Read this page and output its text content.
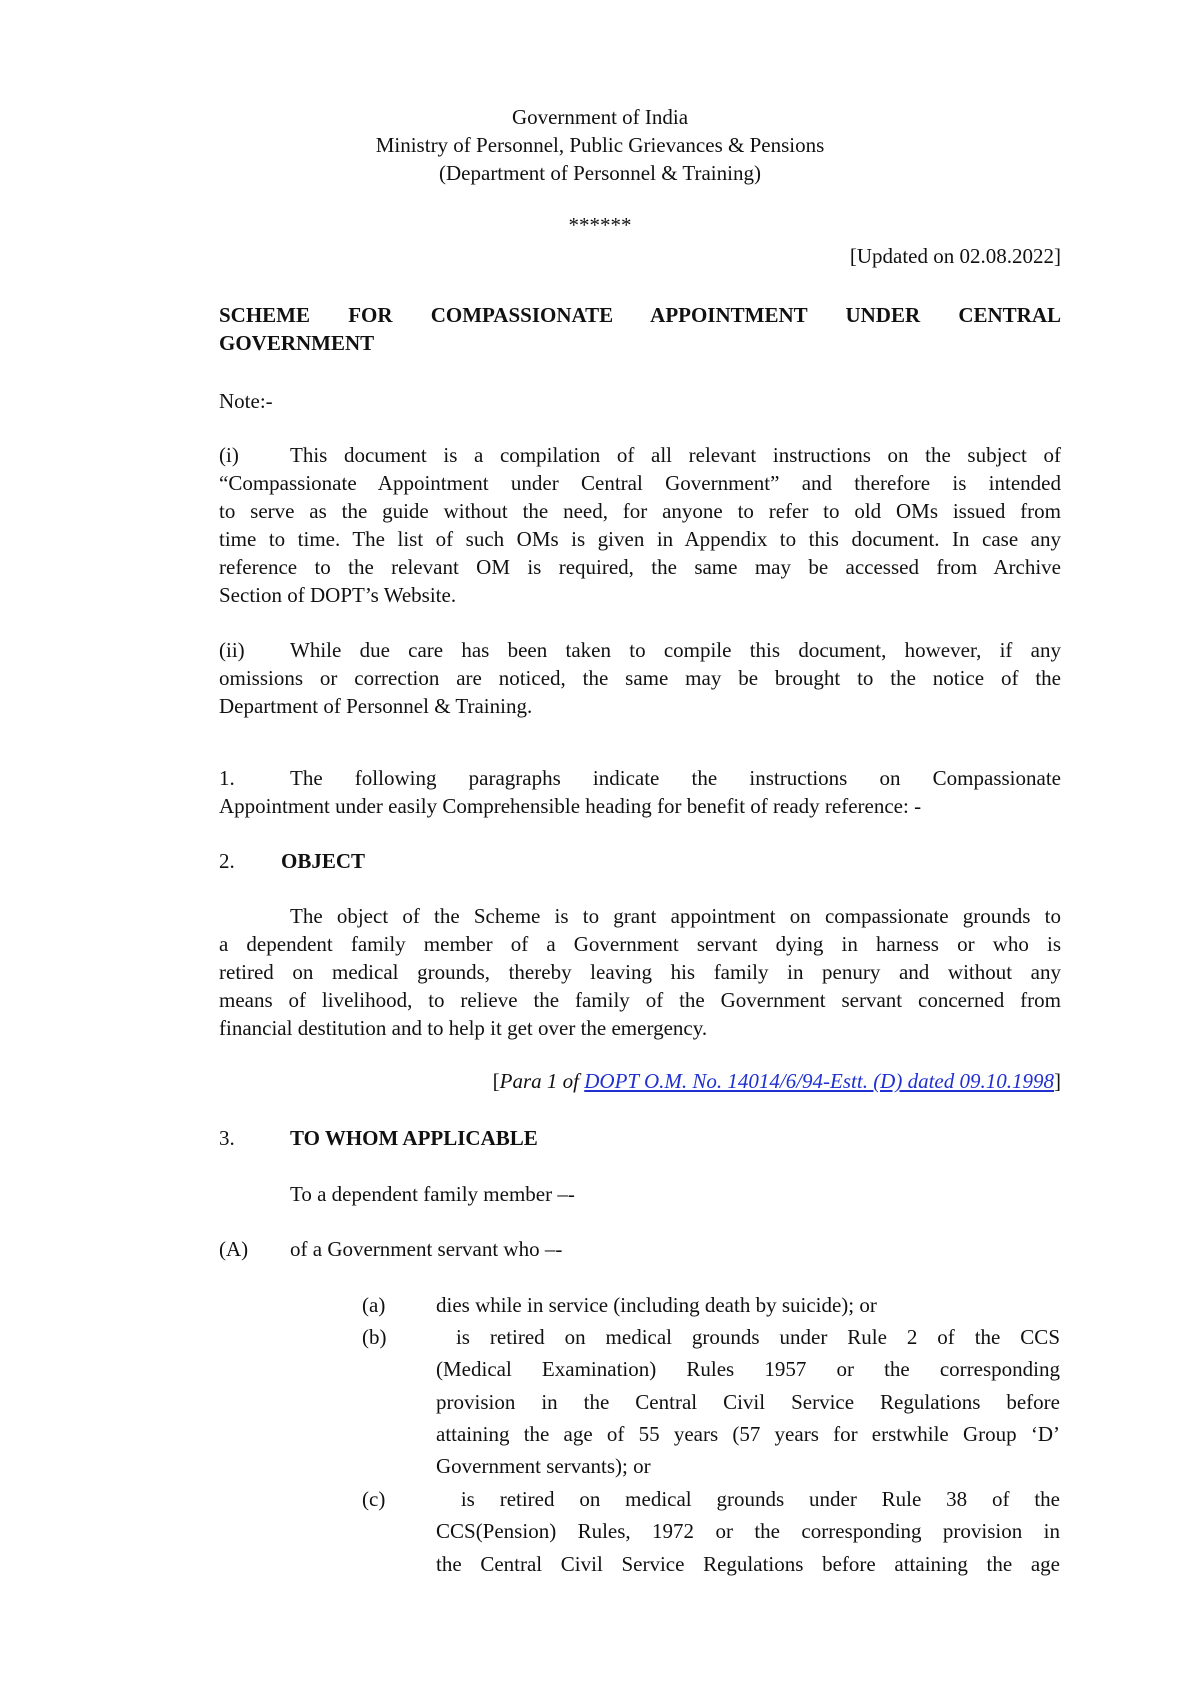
Government of India
Ministry of Personnel, Public Grievances & Pensions
(Department of Personnel & Training)
******
[Updated on 02.08.2022]
SCHEME FOR COMPASSIONATE APPOINTMENT UNDER CENTRAL
GOVERNMENT
Note:-
(i) This document is a compilation of all relevant instructions on the subject of
“Compassionate Appointment under Central Government” and therefore is intended
to serve as the guide without the need, for anyone to refer to old OMs issued from
time to time. The list of such OMs is given in Appendix to this document. In case any
reference to the relevant OM is required, the same may be accessed from Archive
Section of DOPT’s Website.
(ii) While due care has been taken to compile this document, however, if any
omissions or correction are noticed, the same may be brought to the notice of the
Department of Personnel & Training.
1.	The following paragraphs indicate the instructions on Compassionate
Appointment under easily Comprehensible heading for benefit of ready reference: -
2. OBJECT
The object of the Scheme is to grant appointment on compassionate grounds to
a dependent family member of a Government servant dying in harness or who is
retired on medical grounds, thereby leaving his family in penury and without any
means of livelihood, to relieve the family of the Government servant concerned from
financial destitution and to help it get over the emergency.
[Para 1 of DOPT O.M. No. 14014/6/94-Estt. (D) dated 09.10.1998]
3.	TO WHOM APPLICABLE
To a dependent family member –-
(A) of a Government servant who –-
(a) dies while in service (including death by suicide); or
(b) is retired on medical grounds under Rule 2 of the CCS
(Medical Examination) Rules 1957 or the corresponding
provision in the Central Civil Service Regulations before
attaining the age of 55 years (57 years for erstwhile Group ‘D’
Government servants); or
(c) is retired on medical grounds under Rule 38 of the
CCS(Pension) Rules, 1972 or the corresponding provision in
the Central Civil Service Regulations before attaining the age
